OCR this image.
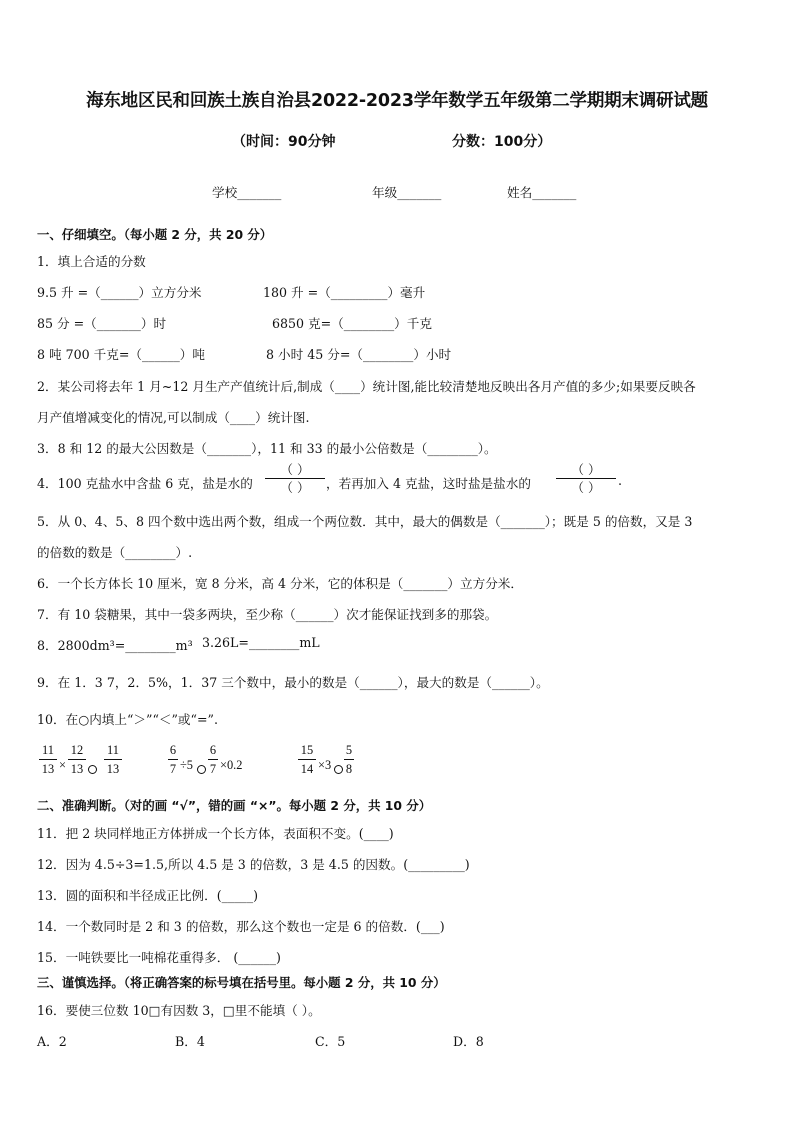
海东地区民和回族土族自治县2022-2023学年数学五年级第二学期期末调研试题
（时间：90分钟	分数：100分）
学校_______	年级_______	姓名_______
一、仔细填空。（每小题 2 分，共 20 分）
1．填上合适的分数
9.5 升 =（______）立方分米	180 升 =（_________）毫升
85 分 =（_______）时	6850 克=（________）千克
8 吨 700 千克=（______）吨	8 小时 45 分=（________）小时
2．某公司将去年 1 月~12 月生产产值统计后,制成（____）统计图,能比较清楚地反映出各月产值的多少;如果要反映各
月产值增减变化的情况,可以制成（____）统计图.
3．8 和 12 的最大公因数是（_______），11 和 33 的最小公倍数是（________）。
4．100 克盐水中含盐 6 克，盐是水的
（ ）
（ ）	，若再加入 4 克盐，这时盐是盐水的
（ ）
（ ）	.
5．从 0、4、5、8 四个数中选出两个数，组成一个两位数．其中，最大的偶数是（_______）；既是 5 的倍数，又是 3
的倍数的数是（________）.
6．一个长方体长 10 厘米，宽 8 分米，高 4 分米，它的体积是（_______）立方分米．
7．有 10 袋糖果，其中一袋多两块，至少称（______）次才能保证找到多的那袋。
8．2800dm³=________m³ 3.26L=________mL
9．在 1．3 7，2．5%，1．37 三个数中，最小的数是（______），最大的数是（______）。
10．在○内填上“＞”“＜”或“=”.
11
13 ×
12
13
11
13
6
7 ÷5
6
7 ×0.2
15
14 ×3
5
8
二、准确判断。（对的画 “√”，错的画 “×”。每小题 2 分，共 10 分）
11．把 2 块同样地正方体拼成一个长方体，表面积不变。(____)
12．因为 4.5÷3=1.5,所以 4.5 是 3 的倍数，3 是 4.5 的因数。(_________)
13．圆的面积和半径成正比例．(_____)
14．一个数同时是 2 和 3 的倍数，那么这个数也一定是 6 的倍数．(___)
15．一吨铁要比一吨棉花重得多． (______)
三、谨慎选择。（将正确答案的标号填在括号里。每小题 2 分，共 10 分）
16．要使三位数 10□有因数 3，□里不能填（ ）。
A．2	B．4	C．5	D．8
